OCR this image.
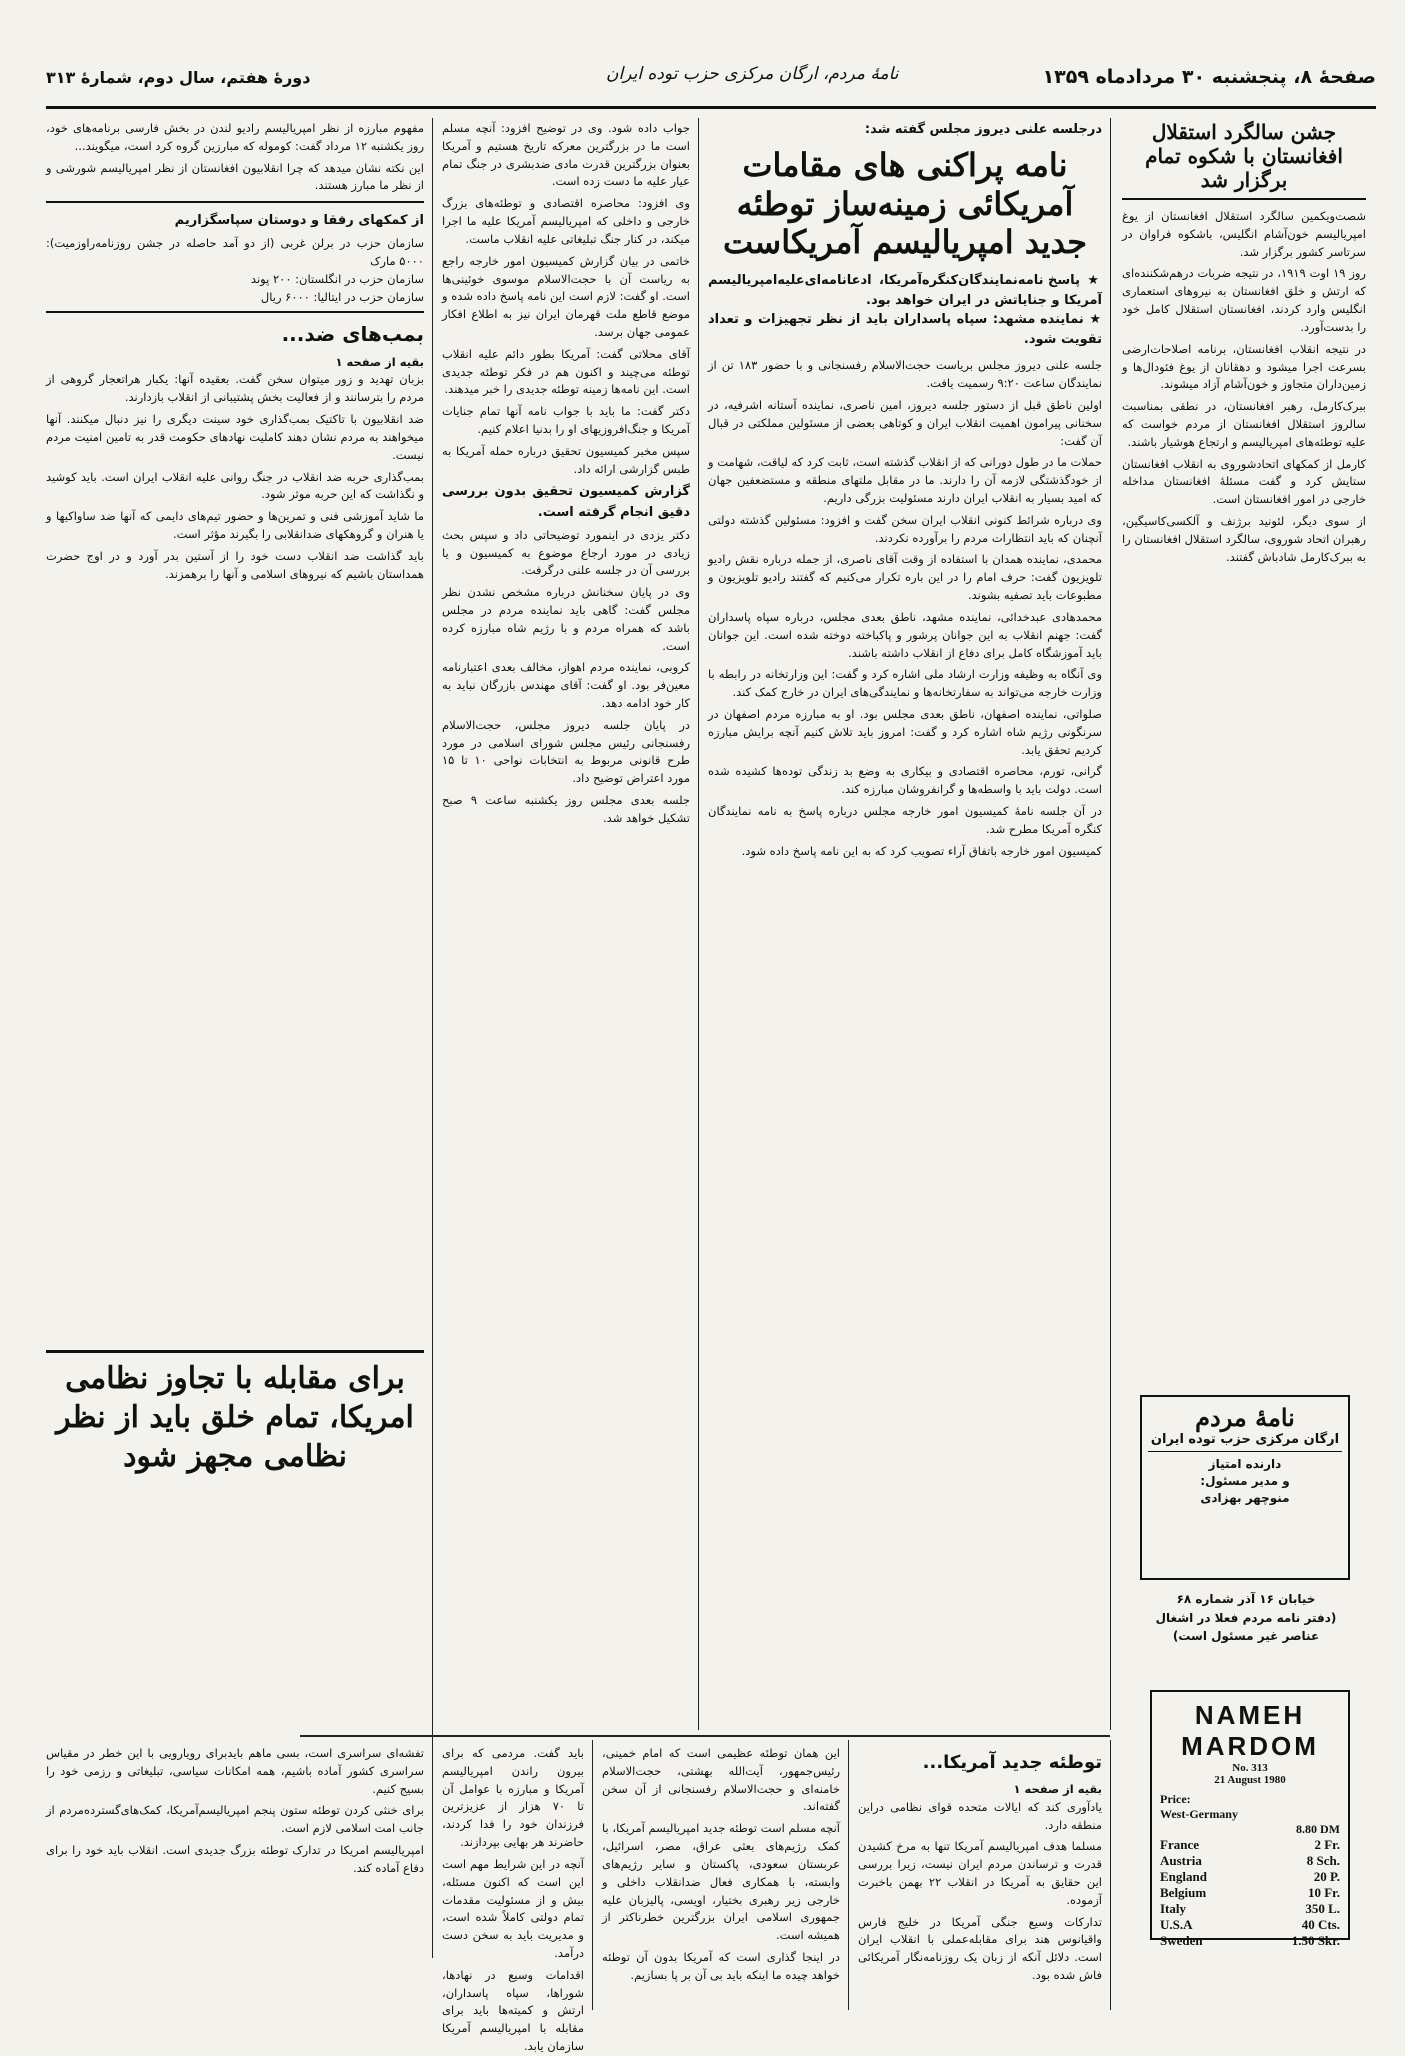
صفحهٔ ۸، پنجشنبه ۳۰ مردادماه ۱۳۵۹
نامهٔ مردم، ارگان مرکزی حزب توده ایران
دورهٔ هفتم، سال دوم، شمارهٔ ۳۱۳
جشن سالگرد استقلال افغانستان با شکوه تمام برگزار شد

شصت‌ویکمین سالگرد استقلال افغانستان از یوغ امپریالیسم خون‌آشام انگلیس، باشکوه فراوان در سرتاسر کشور برگزار شد.

روز ۱۹ اوت ۱۹۱۹، در نتیجه ضربات درهم‌شکننده‌ای که ارتش و خلق افغانستان به نیروهای استعماری انگلیس وارد کردند، افغانستان استقلال کامل خود را بدست‌آورد.

در نتیجه انقلاب افغانستان، برنامه اصلاحات‌ارضی بسرعت اجرا میشود و دهقانان از یوغ فئودال‌ها و زمین‌داران متجاوز و خون‌آشام آزاد میشوند.

ببرک‌کارمل، رهبر افغانستان، در نطقی بمناسبت سالروز استقلال افغانستان از مردم خواست که علیه توطئه‌های امپریالیسم و ارتجاع هوشیار باشند.

کارمل از کمکهای اتحادشوروی به انقلاب افغانستان ستایش کرد و گفت مسئلهٔ افغانستان مداخله خارجی در امور افغانستان است.

از سوی دیگر، لئونید برژنف و آلکسی‌کاسیگین، رهبران اتحاد شوروی، سالگرد استقلال افغانستان را به ببرک‌کارمل شادباش گفتند.

نامهٔ مردم
ارگان مرکزی حزب توده ایران
دارنده امتیاز
و مدیر مسئول:
منوچهر بهزادی
خیابان ۱۶ آذر شماره ۶۸
(دفتر نامه مردم فعلا در اشغال عناصر غیر مسئول است)
NAMEH
MARDOM
No. 313
21 August 1980
Price:
West-Germany
8.80 DM
France	2 Fr.
Austria	8 Sch.
England	20 P.
Belgium	10 Fr.
Italy	350 L.
U.S.A	40 Cts.
Sweden	1.50 Skr.
درجلسه علنی دیروز مجلس گفته شد:
نامه پراکنی های مقامات آمریکائی زمینه‌ساز توطئه جدید امپریالیسم آمریکاست
★ پاسخ نامه‌نمایندگان‌کنگره‌آمریکا، ادعانامه‌ای‌علیه‌امپریالیسم آمریکا و جنایاتش در ایران خواهد بود.
★ نماینده مشهد: سپاه پاسداران باید از نظر تجهیزات و تعداد تقویت شود.

جلسه علنی دیروز مجلس بریاست حجت‌الاسلام رفسنجانی و با حضور ۱۸۳ تن از نمایندگان ساعت ۹:۲۰ رسمیت یافت.

اولین ناطق قبل از دستور جلسه دیروز، امین ناصری، نماینده آستانه اشرفیه، در سخنانی پیرامون اهمیت انقلاب ایران و کوتاهی بعضی از مسئولین مملکتی در قبال آن گفت:

حملات ما در طول دورانی که از انقلاب گذشته است، ثابت کرد که لیاقت، شهامت و از خودگذشتگی لازمه آن را دارند. ما در مقابل ملتهای منطقه و مستضعفین جهان که امید بسیار به انقلاب ایران دارند مسئولیت بزرگی داریم.

وی درباره شرائط کنونی انقلاب ایران سخن گفت و افزود: مسئولین گذشته دولتی آنچنان که باید انتظارات مردم را برآورده نکردند.

محمدی، نماینده همدان با استفاده از وقت آقای ناصری، از جمله درباره نقش رادیو تلویزیون گفت: حرف امام را در این باره تکرار می‌کنیم که گفتند رادیو تلویزیون و مطبوعات باید تصفیه بشوند.

محمدهادی عبدخدائی، نماینده مشهد، ناطق بعدی مجلس، درباره سپاه پاسداران گفت: جهنم انقلاب به این جوانان پرشور و پاکباخته دوخته شده است. این جوانان باید آموزشگاه کامل برای دفاع از انقلاب داشته باشند.

وی آنگاه به وظیفه وزارت ارشاد ملی اشاره کرد و گفت: این وزارتخانه در رابطه با وزارت خارجه می‌تواند به سفارتخانه‌ها و نمایندگی‌های ایران در خارج کمک کند.

صلواتی، نماینده اصفهان، ناطق بعدی مجلس بود. او به مبارزه مردم اصفهان در سرنگونی رژیم شاه اشاره کرد و گفت: امروز باید تلاش کنیم آنچه برایش مبارزه کردیم تحقق یابد.

گرانی، تورم، محاصره اقتصادی و بیکاری به وضع بد زندگی توده‌ها کشیده شده است. دولت باید با واسطه‌ها و گرانفروشان مبارزه کند.

در آن جلسه نامهٔ کمیسیون امور خارجه مجلس درباره پاسخ به نامه نمایندگان کنگره آمریکا مطرح شد.

کمیسیون امور خارجه باتفاق آراء تصویب کرد که به این نامه پاسخ داده شود.

جواب داده شود. وی در توضیح افزود: آنچه مسلم است ما در بزرگترین معرکه تاریخ هستیم و آمریکا بعنوان بزرگترین قدرت مادی ضدبشری در جنگ تمام عیار علیه ما دست زده است.

وی افزود: محاصره اقتصادی و توطئه‌های بزرگ خارجی و داخلی که امپریالیسم آمریکا علیه ما اجرا میکند، در کنار جنگ تبلیغاتی علیه انقلاب ماست.

خاتمی در بیان گزارش کمیسیون امور خارجه راجع به ریاست آن با حجت‌الاسلام موسوی خوئینی‌ها است. او گفت: لازم است این نامه پاسخ داده شده و موضع قاطع ملت قهرمان ایران نیز به اطلاع افکار عمومی جهان برسد.

آقای محلاتی گفت: آمریکا بطور دائم علیه انقلاب توطئه می‌چیند و اکنون هم در فکر توطئه جدیدی است. این نامه‌ها زمینه توطئه جدیدی را خبر میدهند.

دکتر گفت: ما باید با جواب نامه آنها تمام جنایات آمریکا و جنگ‌افروزیهای او را بدنیا اعلام کنیم.

سپس مخبر کمیسیون تحقیق درباره حمله آمریکا به طبس گزارشی ارائه داد.

گزارش کمیسیون تحقیق بدون بررسی دقیق انجام گرفته است.

دکتر یزدی در اینمورد توضیحاتی داد و سپس بحث زیادی در مورد ارجاع موضوع به کمیسیون و یا بررسی آن در جلسه علنی درگرفت.

وی در پایان سخنانش درباره مشخص نشدن نظر مجلس گفت: گاهی باید نماینده مردم در مجلس باشد که همراه مردم و با رژیم شاه مبارزه کرده است.

کروبی، نماینده مردم اهواز، مخالف بعدی اعتبارنامه معین‌فر بود. او گفت: آقای مهندس بازرگان نباید به کار خود ادامه دهد.

در پایان جلسه دیروز مجلس، حجت‌الاسلام رفسنجانی رئیس مجلس شورای اسلامی در مورد طرح قانونی مربوط به انتخابات نواحی ۱۰ تا ۱۵ مورد اعتراض توضیح داد.

جلسه بعدی مجلس روز یکشنبه ساعت ۹ صبح تشکیل خواهد شد.

مفهوم مبارزه از نظر امپریالیسم رادیو لندن در بخش فارسی برنامه‌های خود، روز یکشنبه ۱۲ مرداد گفت: کوموله که مبارزین گروه کرد است، میگویند...

این نکته نشان میدهد که چرا انقلابیون افغانستان از نظر امپریالیسم شورشی و از نظر ما مبارز هستند.

از کمکهای رفقا و دوستان سپاسگزاریم
سازمان حزب در برلن غربی (از دو آمد حاصله در جشن روزنامه‌راوزمیت): ۵۰۰۰ مارک
سازمان حزب در انگلستان: ۲۰۰ پوند
سازمان حزب در ایتالیا: ۶۰۰۰ ریال
بمب‌های ضد...
بقیه از صفحه ۱

بزبان تهدید و زور میتوان سخن گفت. بعقیده آنها: یکبار هراتعجار گروهی از مردم را بترسانند و از فعالیت بخش پشتیبانی از انقلاب بازدارند.

ضد انقلابیون با تاکتیک بمب‌گذاری خود سینت دیگری را نیز دنبال میکنند. آنها میخواهند به مردم نشان دهند کاملیت نهادهای حکومت قدر به تامین امنیت مردم نیست.

بمب‌گذاری حربه ضد انقلاب در جنگ روانی علیه انقلاب ایران است. باید کوشید و نگذاشت که این حربه موثر شود.

ما شاید آموزشی فنی و تمرین‌ها و حضور تیم‌های دایمی که آنها ضد ساواکیها و یا هنران و گروهکهای ضدانقلابی را بگیرند مؤثر است.

باید گذاشت ضد انقلاب دست خود را از آستین بدر آورد و در اوج حضرت همداستان باشیم که نیروهای اسلامی و آنها را برهمزند.

برای مقابله با تجاوز نظامی امریکا، تمام خلق باید از نظر نظامی مجهز شود
توطئه جدید آمریکا...
بقیه از صفحه ۱

یادآوری کند که ایالات متحده قوای نظامی دراین منطقه دارد.

مسلما هدف امپریالیسم آمریکا تنها به مرخ کشیدن قدرت و ترساندن مردم ایران نیست، زیرا بررسی این حقایق به آمریکا در انقلاب ۲۲ بهمن باخبرت آزموده.

تدارکات وسیع جنگی آمریکا در خلیج فارس واقیانوس هند برای مقابله‌عملی با انقلاب ایران است. دلائل آنکه از زبان یک روزنامه‌نگار آمریکائی فاش شده بود.

این همان توطئه عظیمی است که امام خمینی، رئیس‌جمهور، آیت‌الله بهشتی، حجت‌الاسلام خامنه‌ای و حجت‌الاسلام رفسنجانی از آن سخن گفته‌اند.

آنچه مسلم است توطئه جدید امپریالیسم آمریکا، با کمک رژیم‌های بعثی عراق، مصر، اسرائیل، عربستان سعودی، پاکستان و سایر رژیم‌های وابسته، با همکاری فعال ضدانقلاب داخلی و خارجی زیر رهبری بختیار، اویسی، پالیزبان علیه جمهوری اسلامی ایران بزرگترین خطرناکتر از همیشه است.

در اینجا گذاری است که آمریکا بدون آن توطئه خواهد چیده ما اینکه باید بی آن بر پا بسازیم.

باید گفت. مردمی که برای بیرون راندن امپریالیسم آمریکا و مبارزه با عوامل آن تا ۷۰ هزار از عزیزترین فرزندان خود را فدا کردند، حاضرند هر بهایی بپردازند.

آنچه در این شرایط مهم است این است که اکنون مسئله، بیش و از مسئولیت مقدمات تمام دولتی کاملاً شده است، و مدیریت باید به سخن دست درآمد.

اقدامات وسیع در نهادها، شوراها، سپاه پاسداران، ارتش و کمیته‌ها باید برای مقابله با امپریالیسم آمریکا سازمان یابد.

تفشه‌ای سراسری است، بسی ماهم بایدبرای رویارویی با این خطر در مقیاس سراسری کشور آماده باشیم، همه امکانات سیاسی، تبلیغاتی و رزمی خود را بسیج کنیم.

برای خنثی کردن توطئه ستون پنجم امپریالیسم‌آمریکا، کمک‌های‌گسترده‌مردم از جانب امت اسلامی لازم است.

امپریالیسم امریکا در تدارک توطئه بزرگ جدیدی است. انقلاب باید خود را برای دفاع آماده کند.
